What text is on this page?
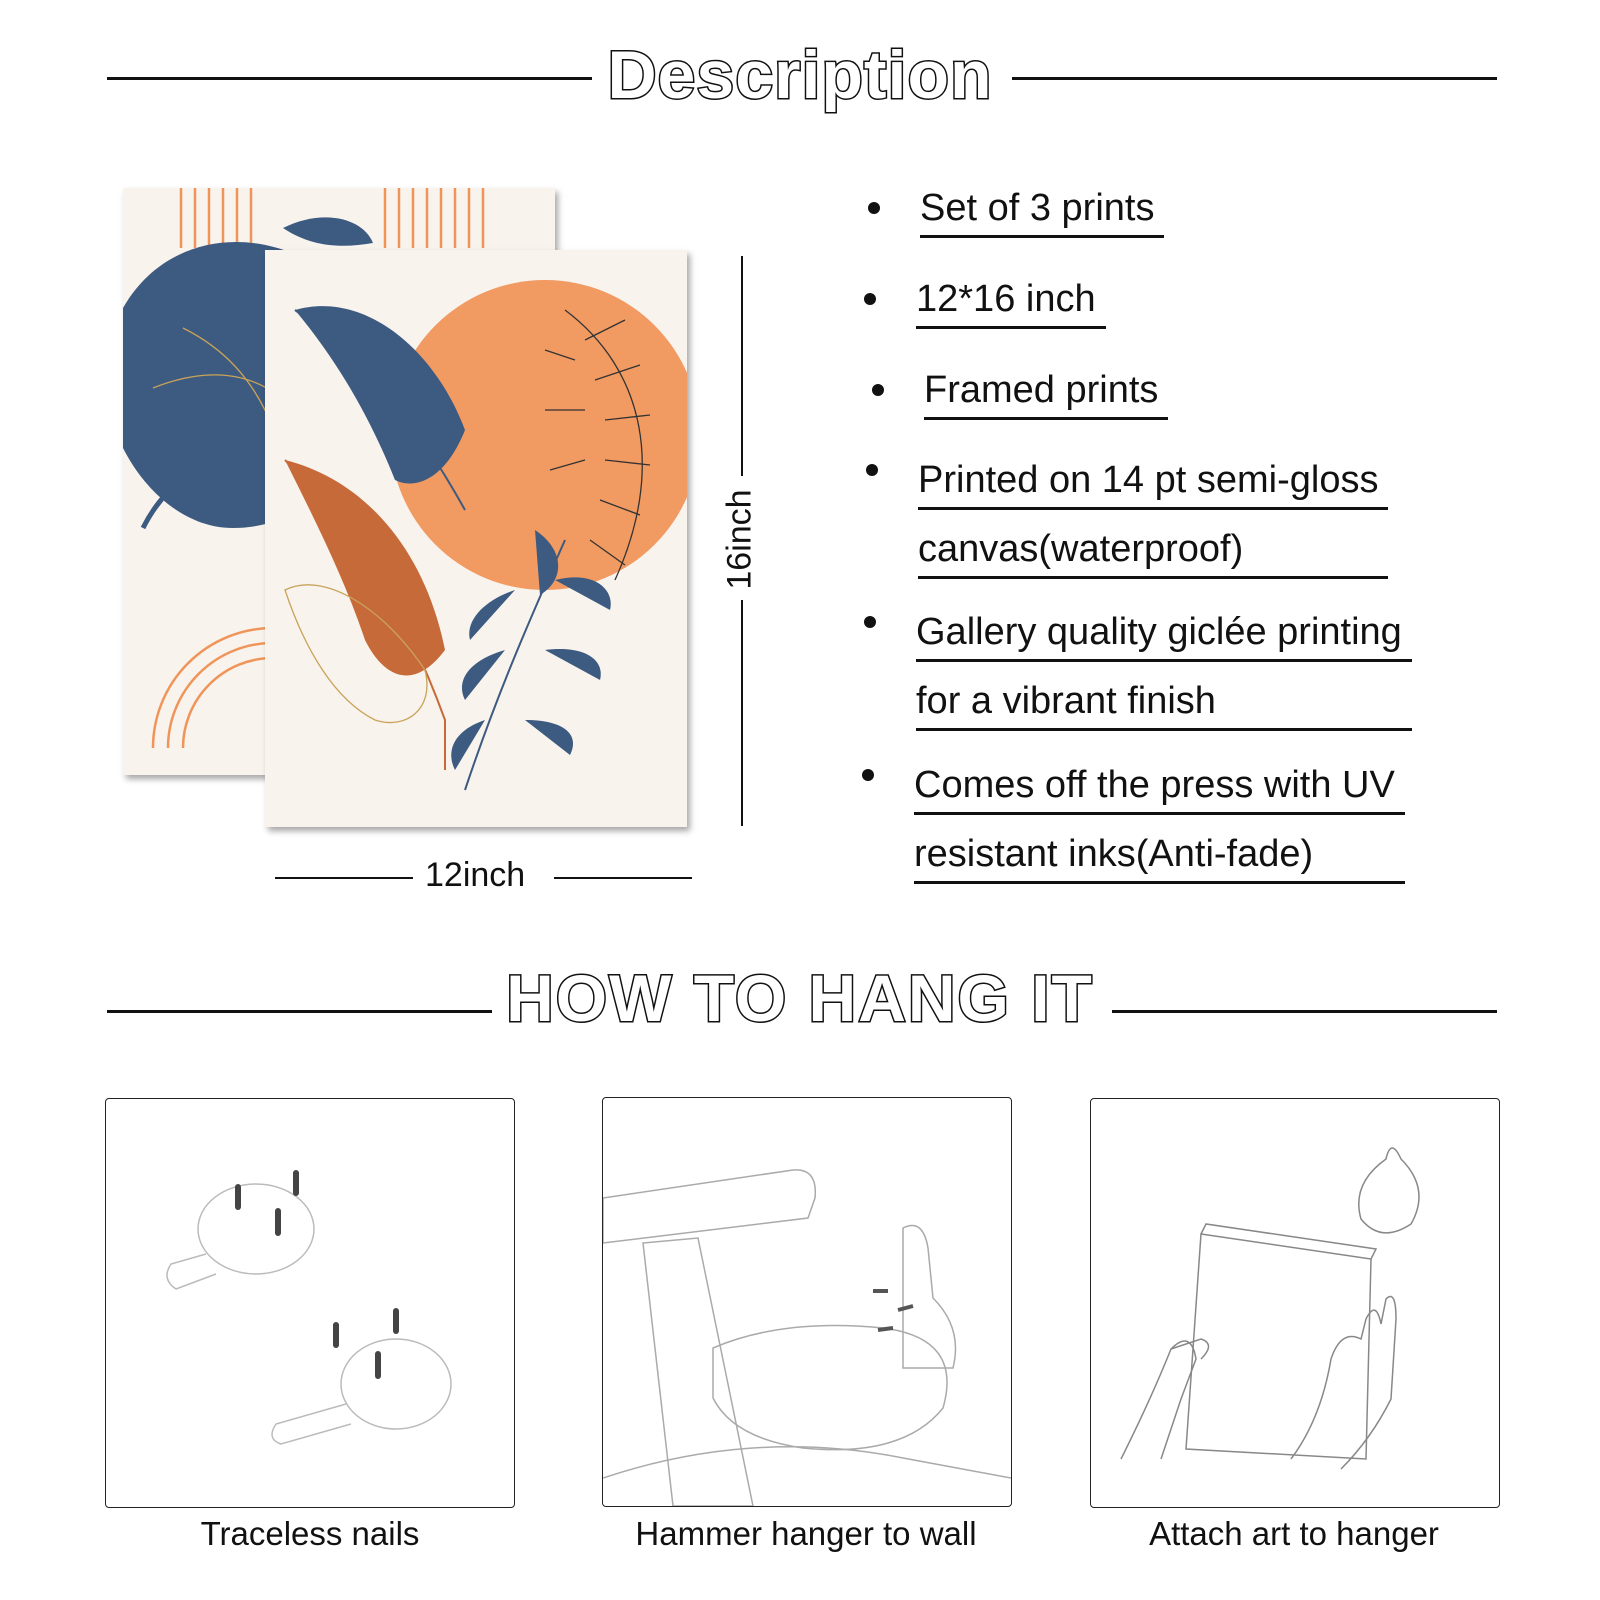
Description
16inch
12inch
Set of 3 prints
12*16 inch
Framed prints
Printed on 14 pt semi-gloss
canvas(waterproof)
Gallery quality giclée printing
for a vibrant finish
Comes off the press with UV
resistant inks(Anti-fade)
HOW TO HANG IT
Traceless nails	Hammer hanger to wall	Attach art to hanger
